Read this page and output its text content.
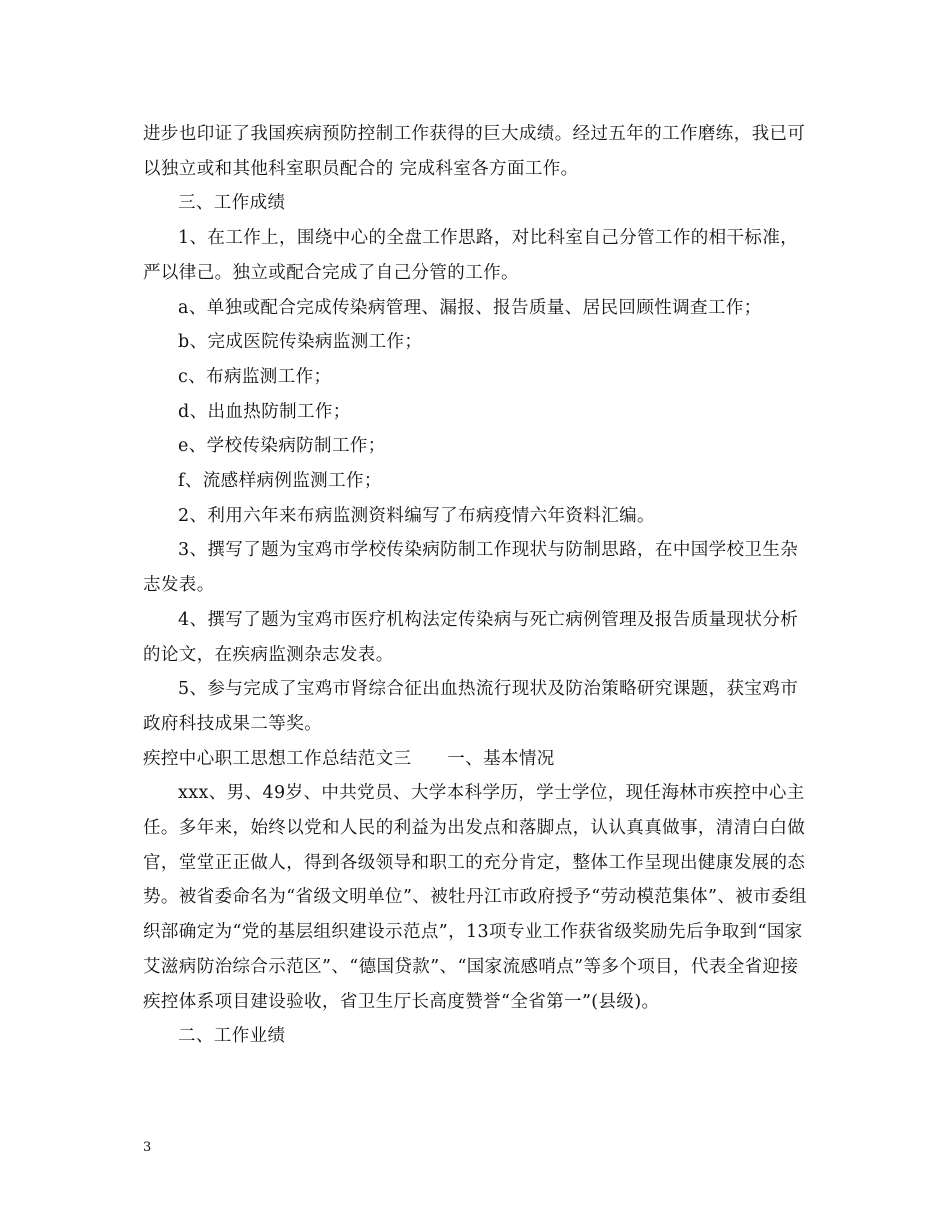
进步也印证了我国疾病预防控制工作获得的巨大成绩。经过五年的工作磨练，我已可以独立或和其他科室职员配合的 完成科室各方面工作。

三、工作成绩

1、在工作上，围绕中心的全盘工作思路，对比科室自己分管工作的相干标准，严以律己。独立或配合完成了自己分管的工作。

a、单独或配合完成传染病管理、漏报、报告质量、居民回顾性调查工作；

b、完成医院传染病监测工作；

c、布病监测工作；

d、出血热防制工作；

e、学校传染病防制工作；

f、流感样病例监测工作；

2、利用六年来布病监测资料编写了布病疫情六年资料汇编。

3、撰写了题为宝鸡市学校传染病防制工作现状与防制思路，在中国学校卫生杂志发表。

4、撰写了题为宝鸡市医疗机构法定传染病与死亡病例管理及报告质量现状分析的论文，在疾病监测杂志发表。

5、参与完成了宝鸡市肾综合征出血热流行现状及防治策略研究课题，获宝鸡市政府科技成果二等奖。

疾控中心职工思想工作总结范文三　　一、基本情况

xxx、男、49岁、中共党员、大学本科学历，学士学位，现任海林市疾控中心主任。多年来，始终以党和人民的利益为出发点和落脚点，认认真真做事，清清白白做官，堂堂正正做人，得到各级领导和职工的充分肯定，整体工作呈现出健康发展的态势。被省委命名为“省级文明单位”、被牡丹江市政府授予“劳动模范集体”、被市委组织部确定为“党的基层组织建设示范点”，13项专业工作获省级奖励先后争取到“国家艾滋病防治综合示范区”、“德国贷款”、“国家流感哨点”等多个项目，代表全省迎接疾控体系项目建设验收，省卫生厅长高度赞誉“全省第一”(县级)。

二、工作业绩

3
